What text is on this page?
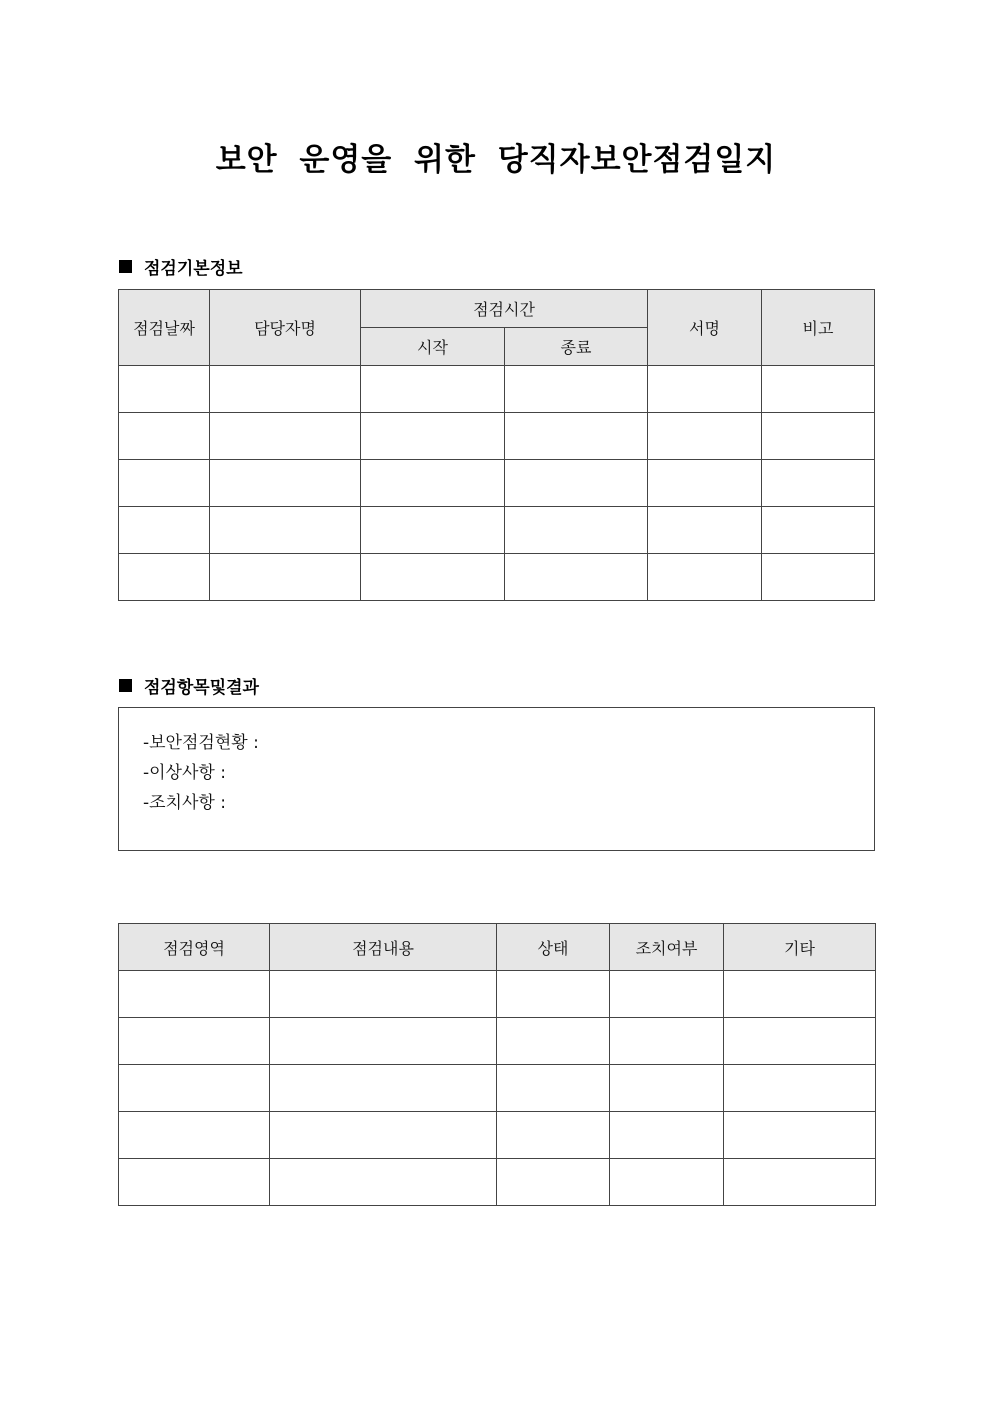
보안 운영을 위한 당직자보안점검일지
점검기본정보
점검날짜	담당자명	점검시간		서명	비고
		시작	종료		

점검항목및결과
-보안점검현황 :
-이상사항 :
-조치사항 :
점검영역	점검내용	상태	조치여부	기타
